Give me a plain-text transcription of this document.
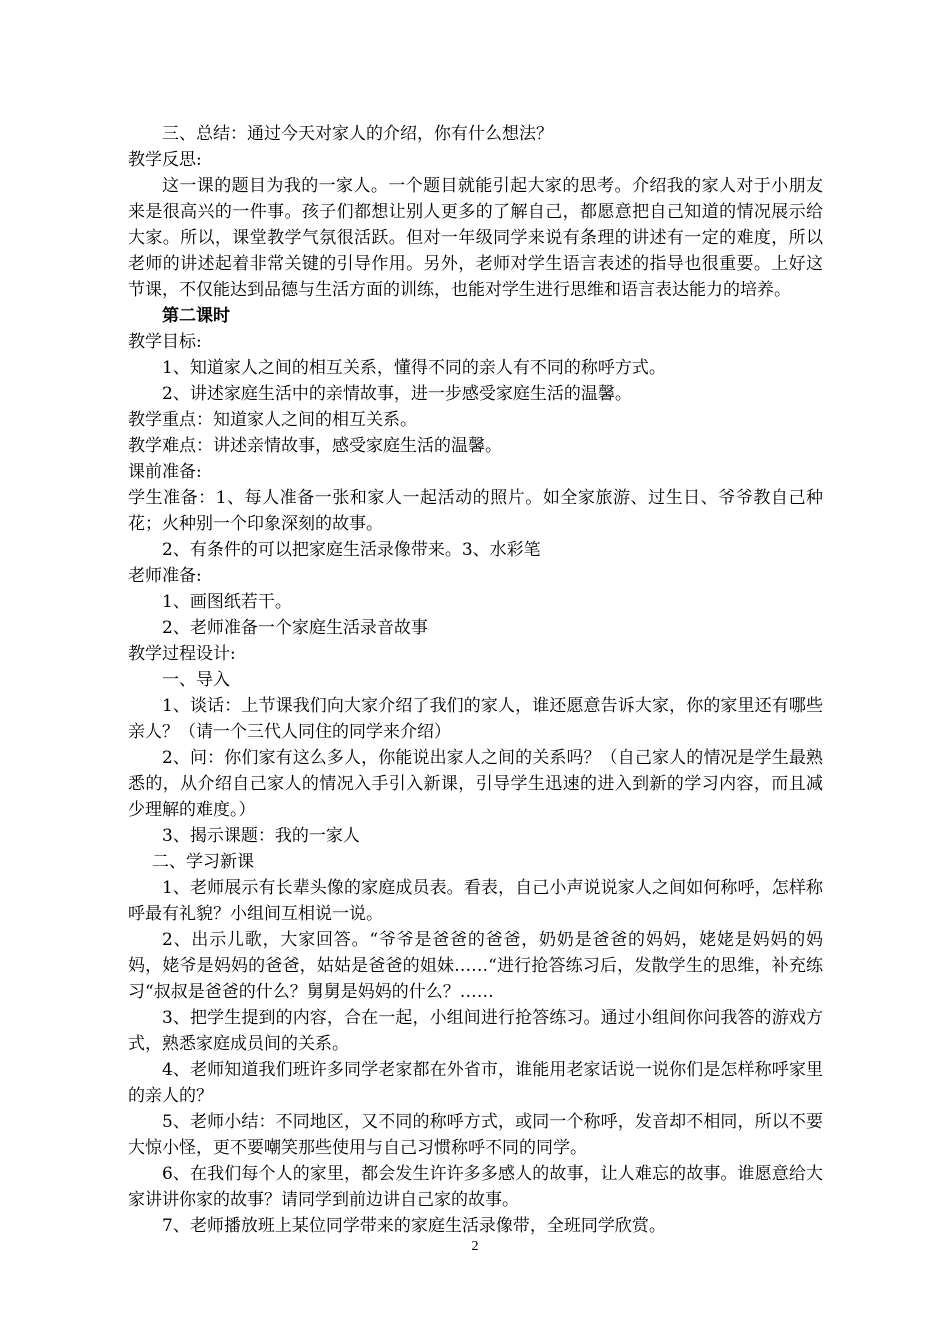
三、总结：通过今天对家人的介绍，你有什么想法？
教学反思:
这一课的题目为我的一家人。一个题目就能引起大家的思考。介绍我的家人对于小朋友来是很高兴的一件事。孩子们都想让别人更多的了解自己，都愿意把自己知道的情况展示给大家。所以，课堂教学气氛很活跃。但对一年级同学来说有条理的讲述有一定的难度，所以老师的讲述起着非常关键的引导作用。另外，老师对学生语言表述的指导也很重要。上好这节课，不仅能达到品德与生活方面的训练，也能对学生进行思维和语言表达能力的培养。
第二课时
教学目标:
1、知道家人之间的相互关系，懂得不同的亲人有不同的称呼方式。
2、讲述家庭生活中的亲情故事，进一步感受家庭生活的温馨。
教学重点：知道家人之间的相互关系。
教学难点：讲述亲情故事，感受家庭生活的温馨。
课前准备:
学生准备：1、每人准备一张和家人一起活动的照片。如全家旅游、过生日、爷爷教自己种花；火种别一个印象深刻的故事。
2、有条件的可以把家庭生活录像带来。3、水彩笔
老师准备:
1、画图纸若干。
2、老师准备一个家庭生活录音故事
教学过程设计:
一、导入
1、谈话：上节课我们向大家介绍了我们的家人，谁还愿意告诉大家，你的家里还有哪些亲人？（请一个三代人同住的同学来介绍）
2、问：你们家有这么多人，你能说出家人之间的关系吗？（自己家人的情况是学生最熟悉的，从介绍自己家人的情况入手引入新课，引导学生迅速的进入到新的学习内容，而且减少理解的难度。）
3、揭示课题：我的一家人
二、学习新课
1、老师展示有长辈头像的家庭成员表。看表，自己小声说说家人之间如何称呼，怎样称呼最有礼貌？小组间互相说一说。
2、出示儿歌，大家回答。“爷爷是爸爸的爸爸，奶奶是爸爸的妈妈，姥姥是妈妈的妈妈，姥爷是妈妈的爸爸，姑姑是爸爸的姐妹……“进行抢答练习后，发散学生的思维，补充练习“叔叔是爸爸的什么？舅舅是妈妈的什么？……
3、把学生提到的内容，合在一起，小组间进行抢答练习。通过小组间你问我答的游戏方式，熟悉家庭成员间的关系。
4、老师知道我们班许多同学老家都在外省市，谁能用老家话说一说你们是怎样称呼家里的亲人的？
5、老师小结：不同地区，又不同的称呼方式，或同一个称呼，发音却不相同，所以不要大惊小怪，更不要嘲笑那些使用与自己习惯称呼不同的同学。
6、在我们每个人的家里，都会发生许许多多感人的故事，让人难忘的故事。谁愿意给大家讲讲你家的故事？请同学到前边讲自己家的故事。
7、老师播放班上某位同学带来的家庭生活录像带，全班同学欣赏。
2
